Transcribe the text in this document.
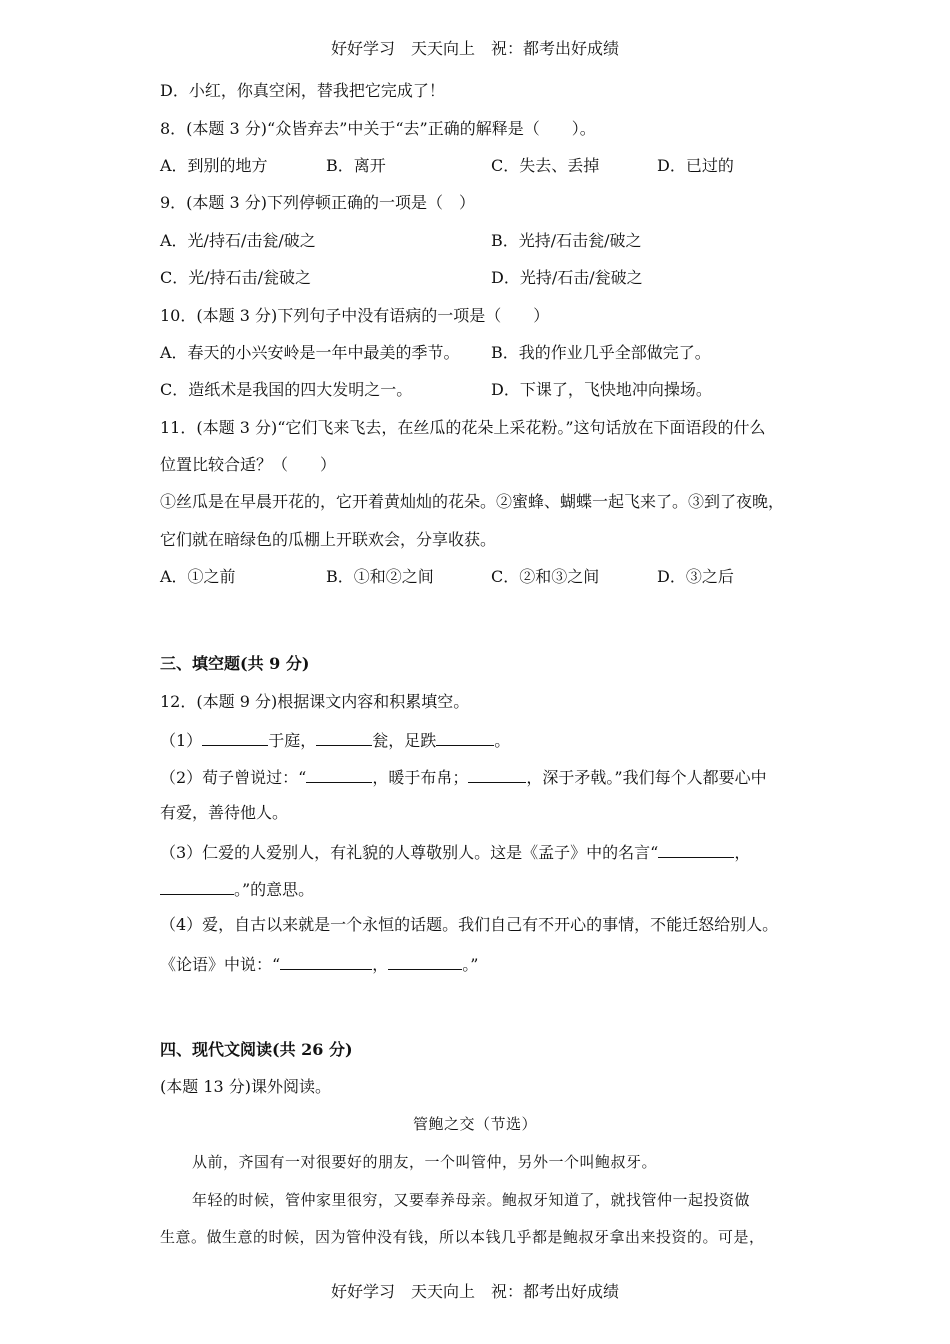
好好学习　天天向上　祝：都考出好成绩
D．小红，你真空闲，替我把它完成了！
8．(本题 3 分)“众皆弃去”中关于“去”正确的解释是（　　）。
A．到别的地方	B．离开	C．失去、丢掉	D．已过的
9．(本题 3 分)下列停顿正确的一项是（　）
A．光/持石/击瓮/破之	B．光持/石击瓮/破之
C．光/持石击/瓮破之	D．光持/石击/瓮破之
10．(本题 3 分)下列句子中没有语病的一项是（　　）
A．春天的小兴安岭是一年中最美的季节。 B．我的作业几乎全部做完了。
C．造纸术是我国的四大发明之一。	D．下课了，飞快地冲向操场。
11．(本题 3 分)“它们飞来飞去，在丝瓜的花朵上采花粉。”这句话放在下面语段的什么
位置比较合适？（　　）
①丝瓜是在早晨开花的，它开着黄灿灿的花朵。②蜜蜂、蝴蝶一起飞来了。③到了夜晚，
它们就在暗绿色的瓜棚上开联欢会，分享收获。
A．①之前	B．①和②之间	C．②和③之间	D．③之后
三、填空题(共 9 分)
12．(本题 9 分)根据课文内容和积累填空。
（1）	于庭，	瓮，足跌	。
（2）荀子曾说过：“	，暖于布帛；	，深于矛戟。”我们每个人都要心中
有爱，善待他人。
（3）仁爱的人爱别人，有礼貌的人尊敬别人。这是《孟子》中的名言“	，
。”的意思。
（4）爱，自古以来就是一个永恒的话题。我们自己有不开心的事情，不能迁怒给别人。
《论语》中说：“	，	。”
四、现代文阅读(共 26 分)
(本题 13 分)课外阅读。
管鲍之交（节选）
从前，齐国有一对很要好的朋友，一个叫管仲，另外一个叫鲍叔牙。
年轻的时候，管仲家里很穷，又要奉养母亲。鲍叔牙知道了，就找管仲一起投资做
生意。做生意的时候，因为管仲没有钱，所以本钱几乎都是鲍叔牙拿出来投资的。可是，
好好学习　天天向上　祝：都考出好成绩
